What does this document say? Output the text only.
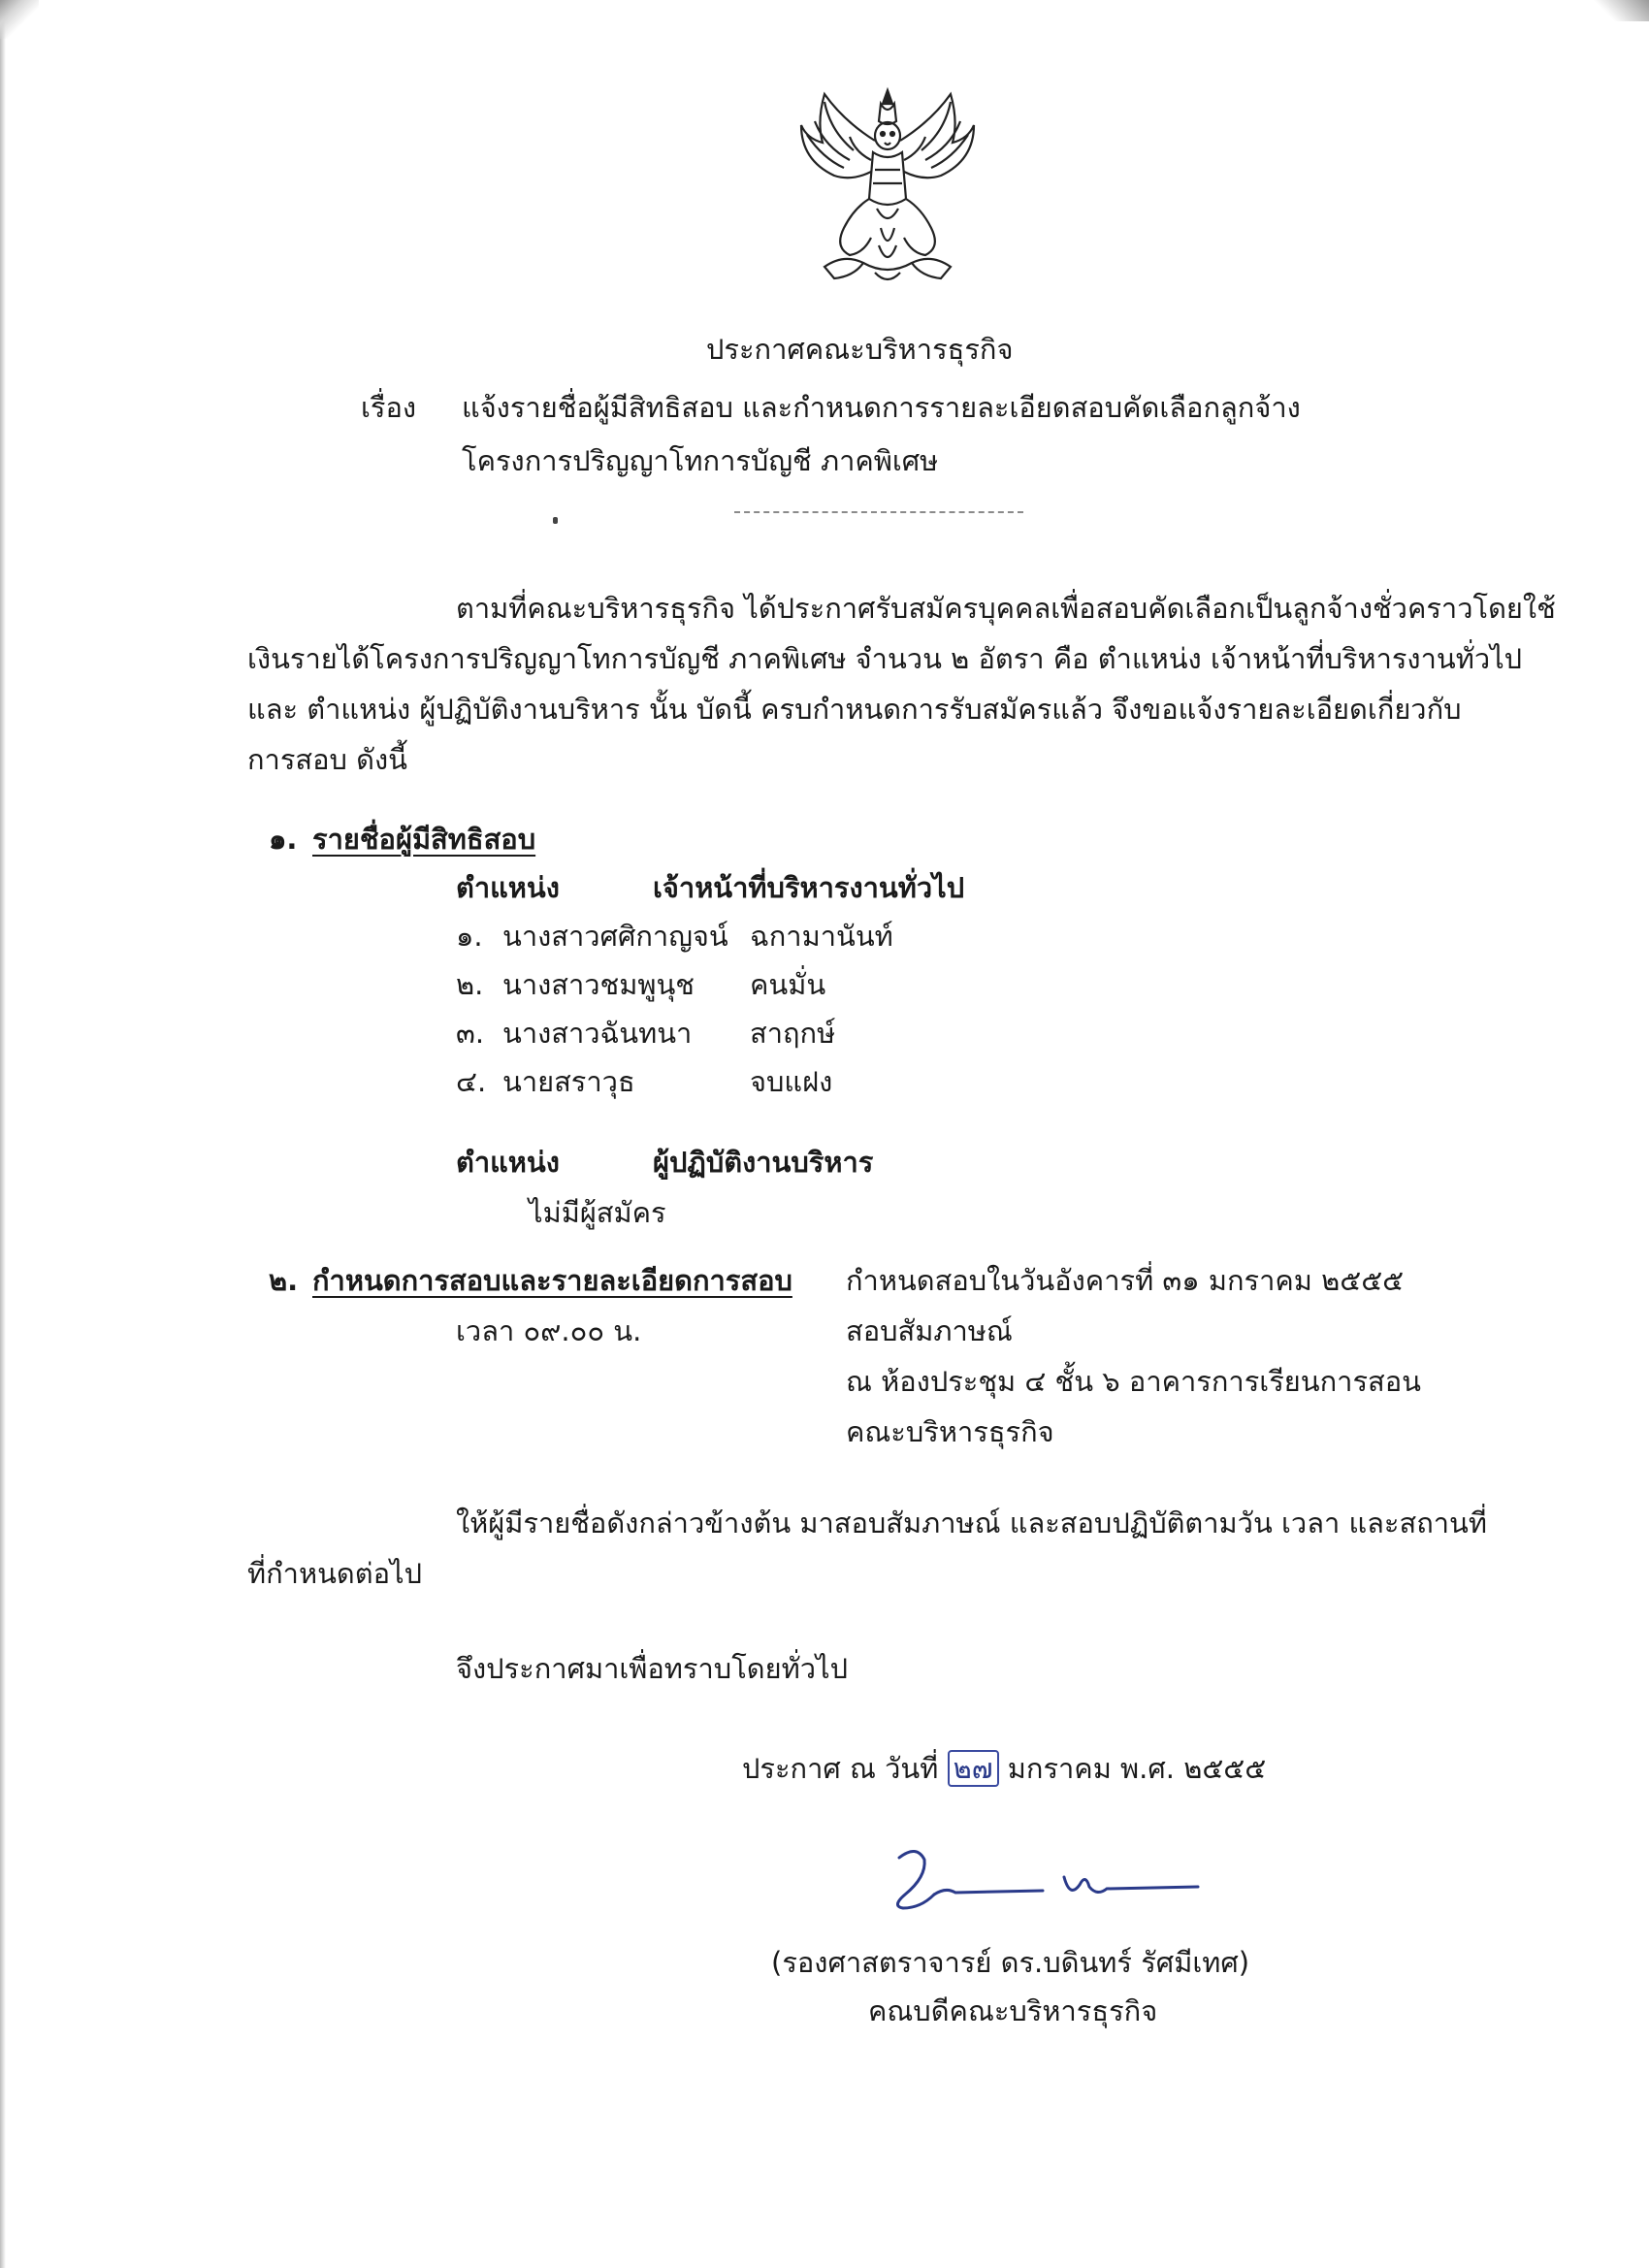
ประกาศคณะบริหารธุรกิจ
เรื่อง แจ้งรายชื่อผู้มีสิทธิสอบ และกำหนดการรายละเอียดสอบคัดเลือกลูกจ้าง
โครงการปริญญาโทการบัญชี ภาคพิเศษ
ตามที่คณะบริหารธุรกิจ ได้ประกาศรับสมัครบุคคลเพื่อสอบคัดเลือกเป็นลูกจ้างชั่วคราวโดยใช้
เงินรายได้โครงการปริญญาโทการบัญชี ภาคพิเศษ จำนวน ๒ อัตรา คือ ตำแหน่ง เจ้าหน้าที่บริหารงานทั่วไป
และ ตำแหน่ง ผู้ปฏิบัติงานบริหาร นั้น บัดนี้ ครบกำหนดการรับสมัครแล้ว จึงขอแจ้งรายละเอียดเกี่ยวกับ
การสอบ ดังนี้
๑. รายชื่อผู้มีสิทธิสอบ
ตำแหน่ง	เจ้าหน้าที่บริหารงานทั่วไป
๑. นางสาวศศิกาญจน์ ฉกามานันท์
๒. นางสาวชมพูนุช คนมั่น
๓. นางสาวฉันทนา สาฤกษ์
๔. นายสราวุธ	จบแฝง
ตำแหน่ง	ผู้ปฏิบัติงานบริหาร
ไม่มีผู้สมัคร
๒. กำหนดการสอบและรายละเอียดการสอบ กำหนดสอบในวันอังคารที่ ๓๑ มกราคม ๒๕๕๕
เวลา ๐๙.๐๐ น.	สอบสัมภาษณ์
ณ ห้องประชุม ๔ ชั้น ๖ อาคารการเรียนการสอน
คณะบริหารธุรกิจ
ให้ผู้มีรายชื่อดังกล่าวข้างต้น มาสอบสัมภาษณ์ และสอบปฏิบัติตามวัน เวลา และสถานที่
ที่กำหนดต่อไป
จึงประกาศมาเพื่อทราบโดยทั่วไป
ประกาศ ณ วันที่ ๒๗ มกราคม พ.ศ. ๒๕๕๕
(รองศาสตราจารย์ ดร.บดินทร์ รัศมีเทศ)
คณบดีคณะบริหารธุรกิจ
